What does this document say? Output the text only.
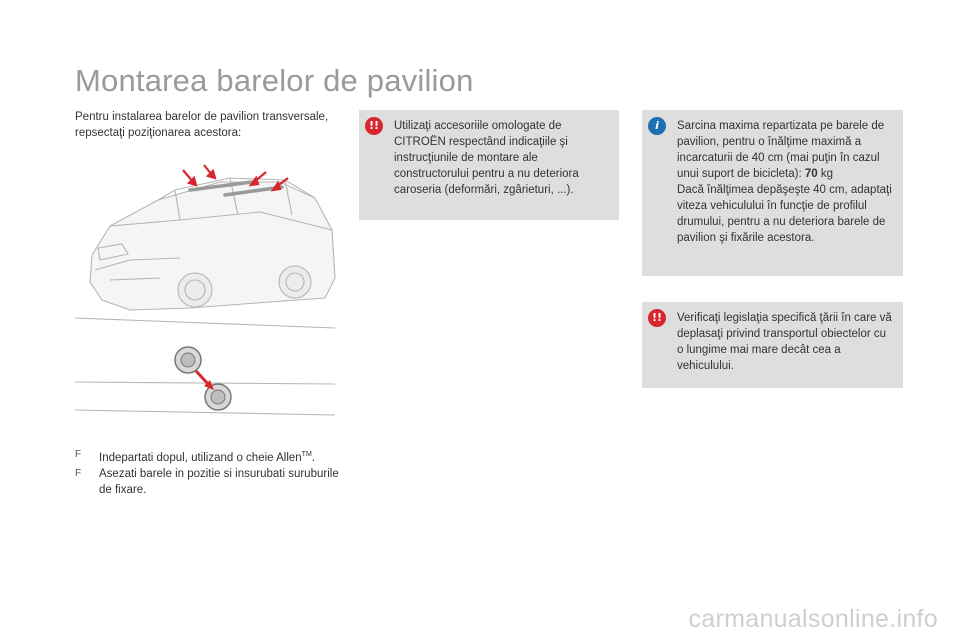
Montarea barelor de pavilion
Pentru instalarea barelor de pavilion transversale, repsectaţi poziţionarea acestora:
F Indepartati dopul, utilizand o cheie Allen™.
F Asezati barele in pozitie si insurubati suruburile de fixare.
!!	Utilizaţi accesoriile omologate de CITROËN respectând indicaţiile şi instrucţiunile de montare ale constructorului pentru a nu deteriora caroseria (deformări, zgârieturi, ...).
i	Sarcina maxima repartizata pe barele de pavilion, pentru o înălţime maximă a incarcaturii de 40 cm (mai puţin în cazul unui suport de bicicleta): 70 kg
Dacă înălţimea depăşeşte 40 cm, adaptaţi viteza vehiculului în funcţie de profilul drumului, pentru a nu deteriora barele de pavilion şi fixările acestora.
!!	Verificaţi legislaţia specifică ţării în care vă deplasaţi privind transportul obiectelor cu o lungime mai mare decât cea a vehiculului.
carmanualsonline.info
